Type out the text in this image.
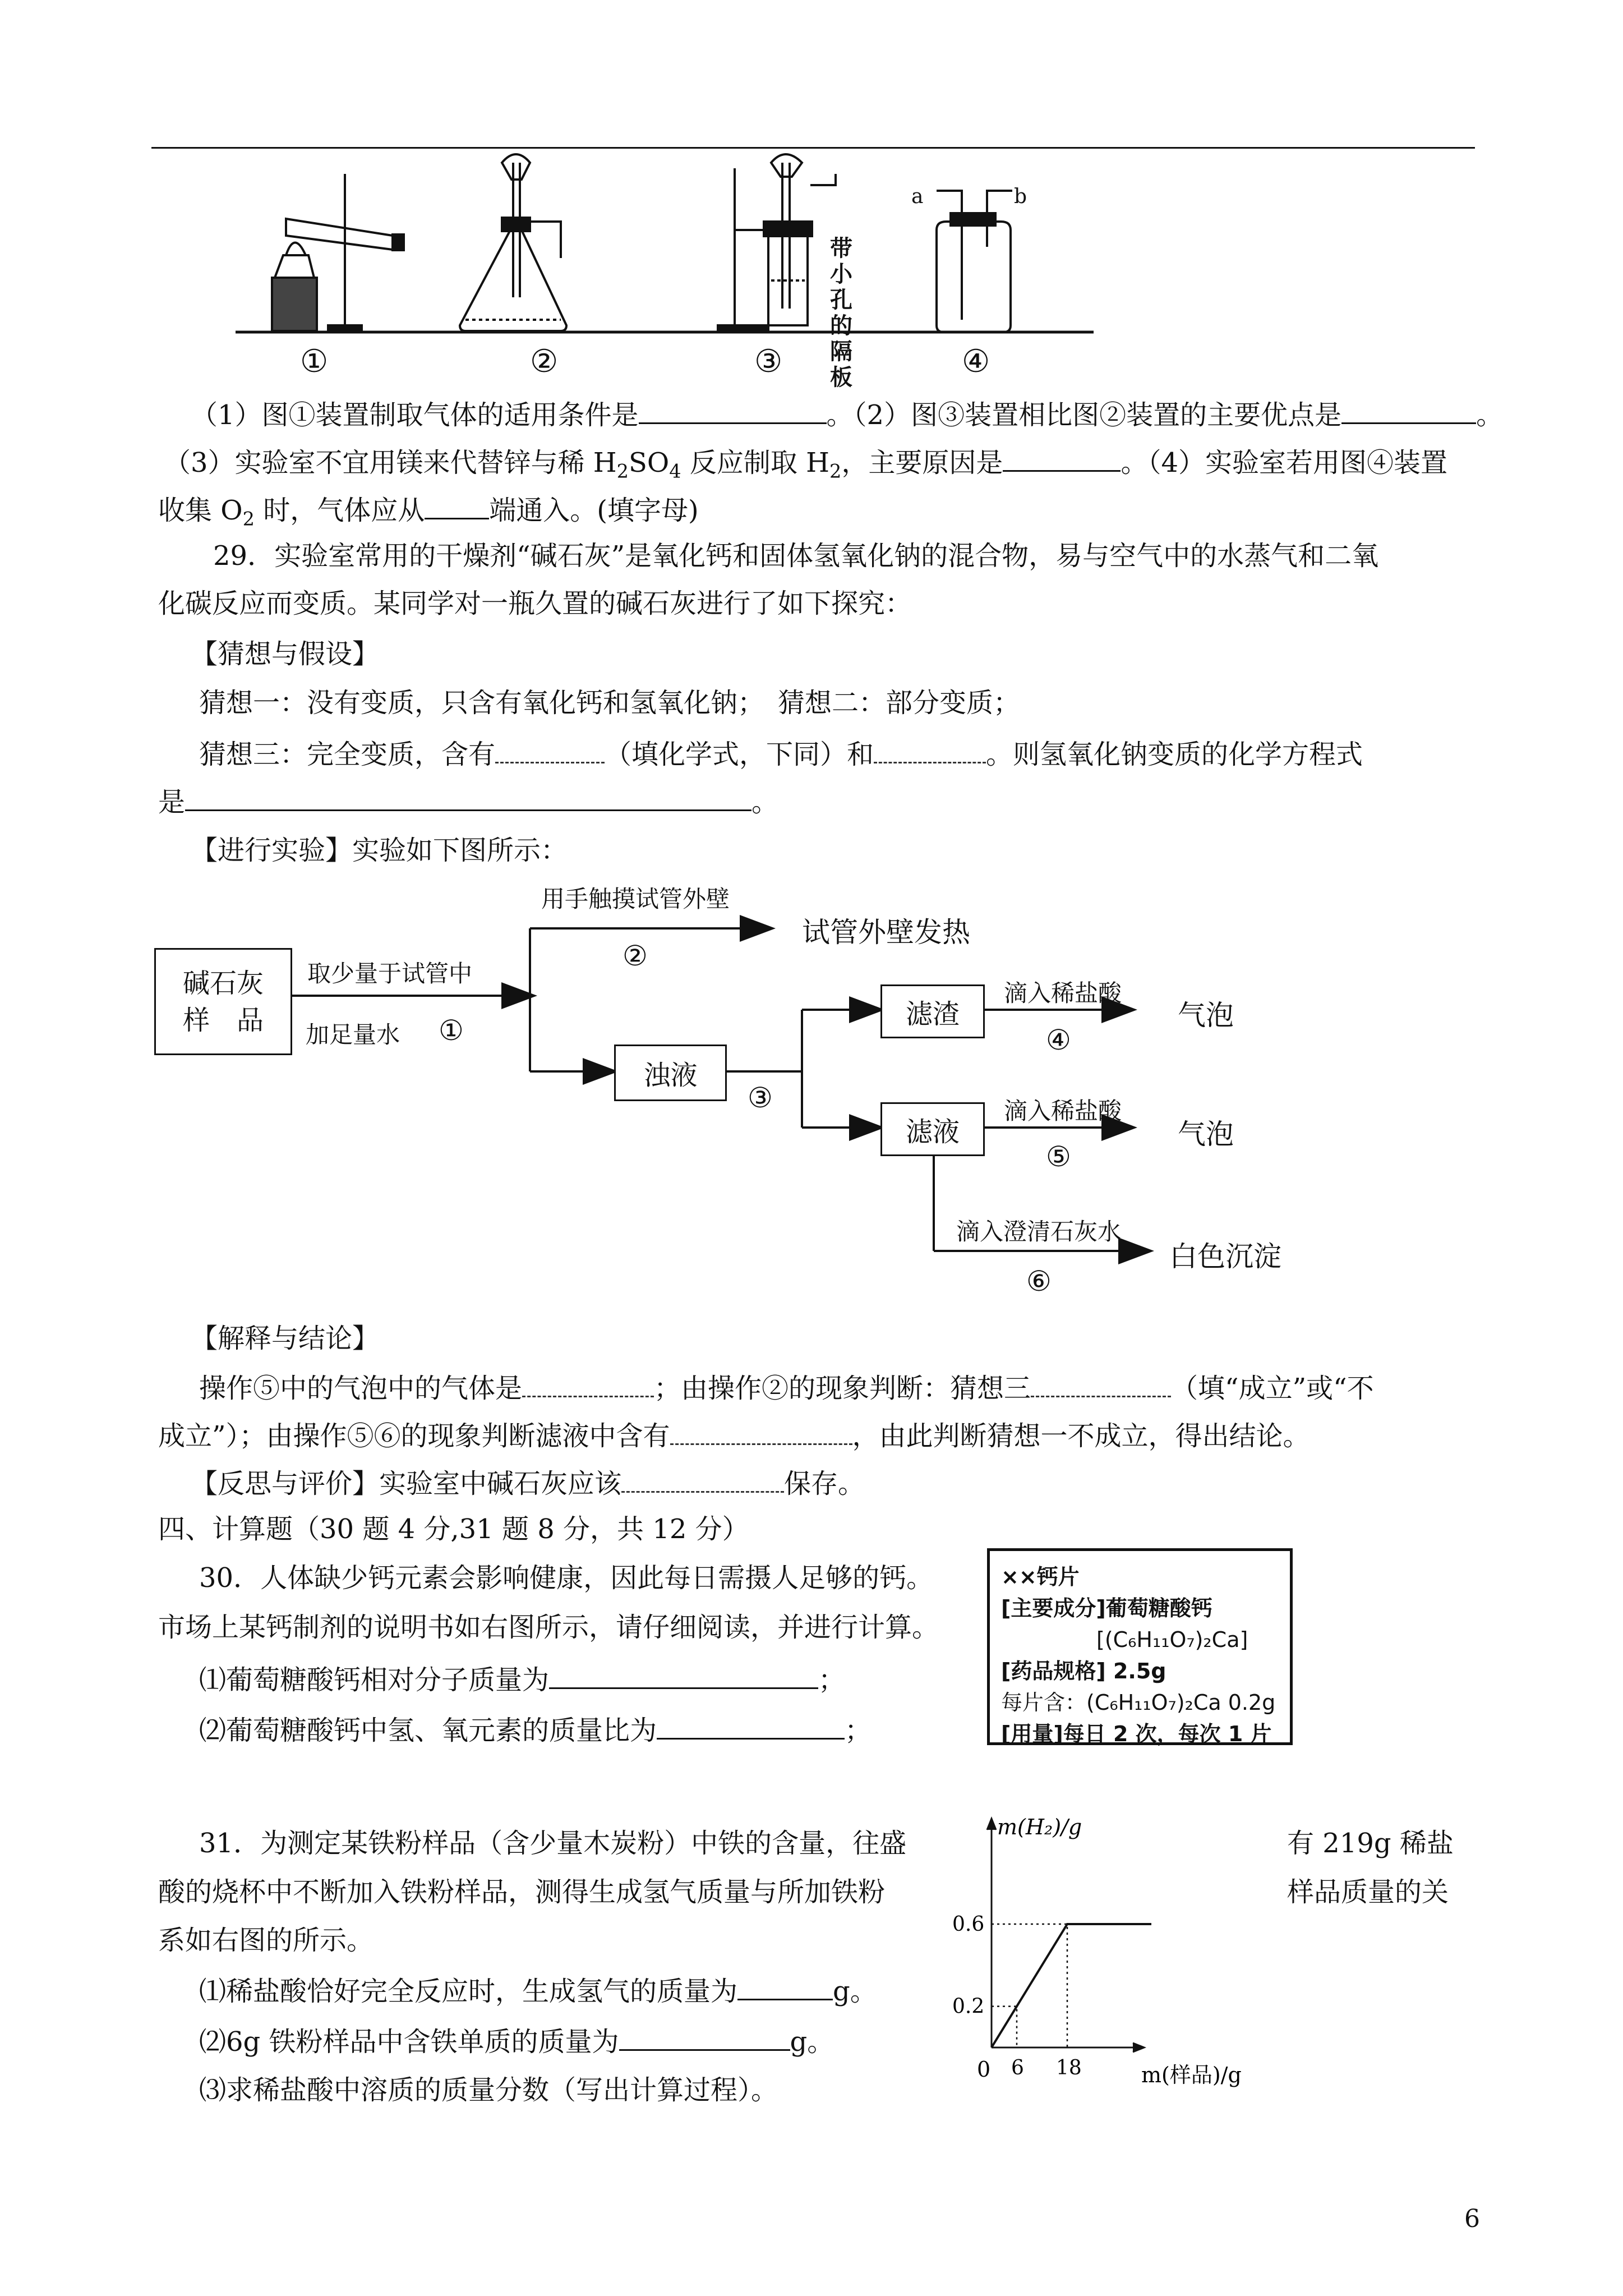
带小孔的隔板
a	b
①	②	③	④
（1）图①装置制取气体的适用条件是	。（2）图③装置相比图②装置的主要优点是	。
（3）实验室不宜用镁来代替锌与稀 $H_2SO_4$ 反应制取 $H_2$，主要原因是	。（4）实验室若用图④装置
收集 $O_2$ 时，气体应从 端通入。(填字母)
29．实验室常用的干燥剂“碱石灰”是氧化钙和固体氢氧化钠的混合物，易与空气中的水蒸气和二氧
化碳反应而变质。某同学对一瓶久置的碱石灰进行了如下探究：
【猜想与假设】
猜想一：没有变质，只含有氧化钙和氢氧化钠；　猜想二：部分变质；
猜想三：完全变质，含有	（填化学式，下同）和	。则氢氧化钠变质的化学方程式
是	。
【进行实验】实验如下图所示：
碱石灰
样　品
浊液
滤渣
滤液
取少量于试管中
加足量水 ①
用手触摸试管外壁
②
试管外壁发热
③
滴入稀盐酸
④
气泡
滴入稀盐酸
⑤
气泡
滴入澄清石灰水
⑥
白色沉淀
【解释与结论】
操作⑤中的气泡中的气体是	；由操作②的现象判断：猜想三	（填“成立”或“不
成立”）；由操作⑤⑥的现象判断滤液中含有	，由此判断猜想一不成立，得出结论。
【反思与评价】实验室中碱石灰应该	保存。
四、计算题（30 题 4 分,31 题 8 分，共 12 分）
30．人体缺少钙元素会影响健康，因此每日需摄人足够的钙。
市场上某钙制剂的说明书如右图所示，请仔细阅读，并进行计算。
⑴葡萄糖酸钙相对分子质量为	；
⑵葡萄糖酸钙中氢、氧元素的质量比为	；
××钙片
[主要成分]葡萄糖酸钙
[(C₆H₁₁O₇)₂Ca]
[药品规格] 2.5g
每片含：(C₆H₁₁O₇)₂Ca 0.2g
[用量]每日 2 次，每次 1 片
31．为测定某铁粉样品（含少量木炭粉）中铁的含量，往盛	有 219g 稀盐
酸的烧杯中不断加入铁粉样品，测得生成氢气质量与所加铁粉	样品质量的关
系如右图的所示。
⑴稀盐酸恰好完全反应时，生成氢气的质量为	g。
⑵6g 铁粉样品中含铁单质的质量为	g。
⑶求稀盐酸中溶质的质量分数（写出计算过程）。
m(H₂)/g
m(样品)/g
0 6 18
0.2
0.6
6
